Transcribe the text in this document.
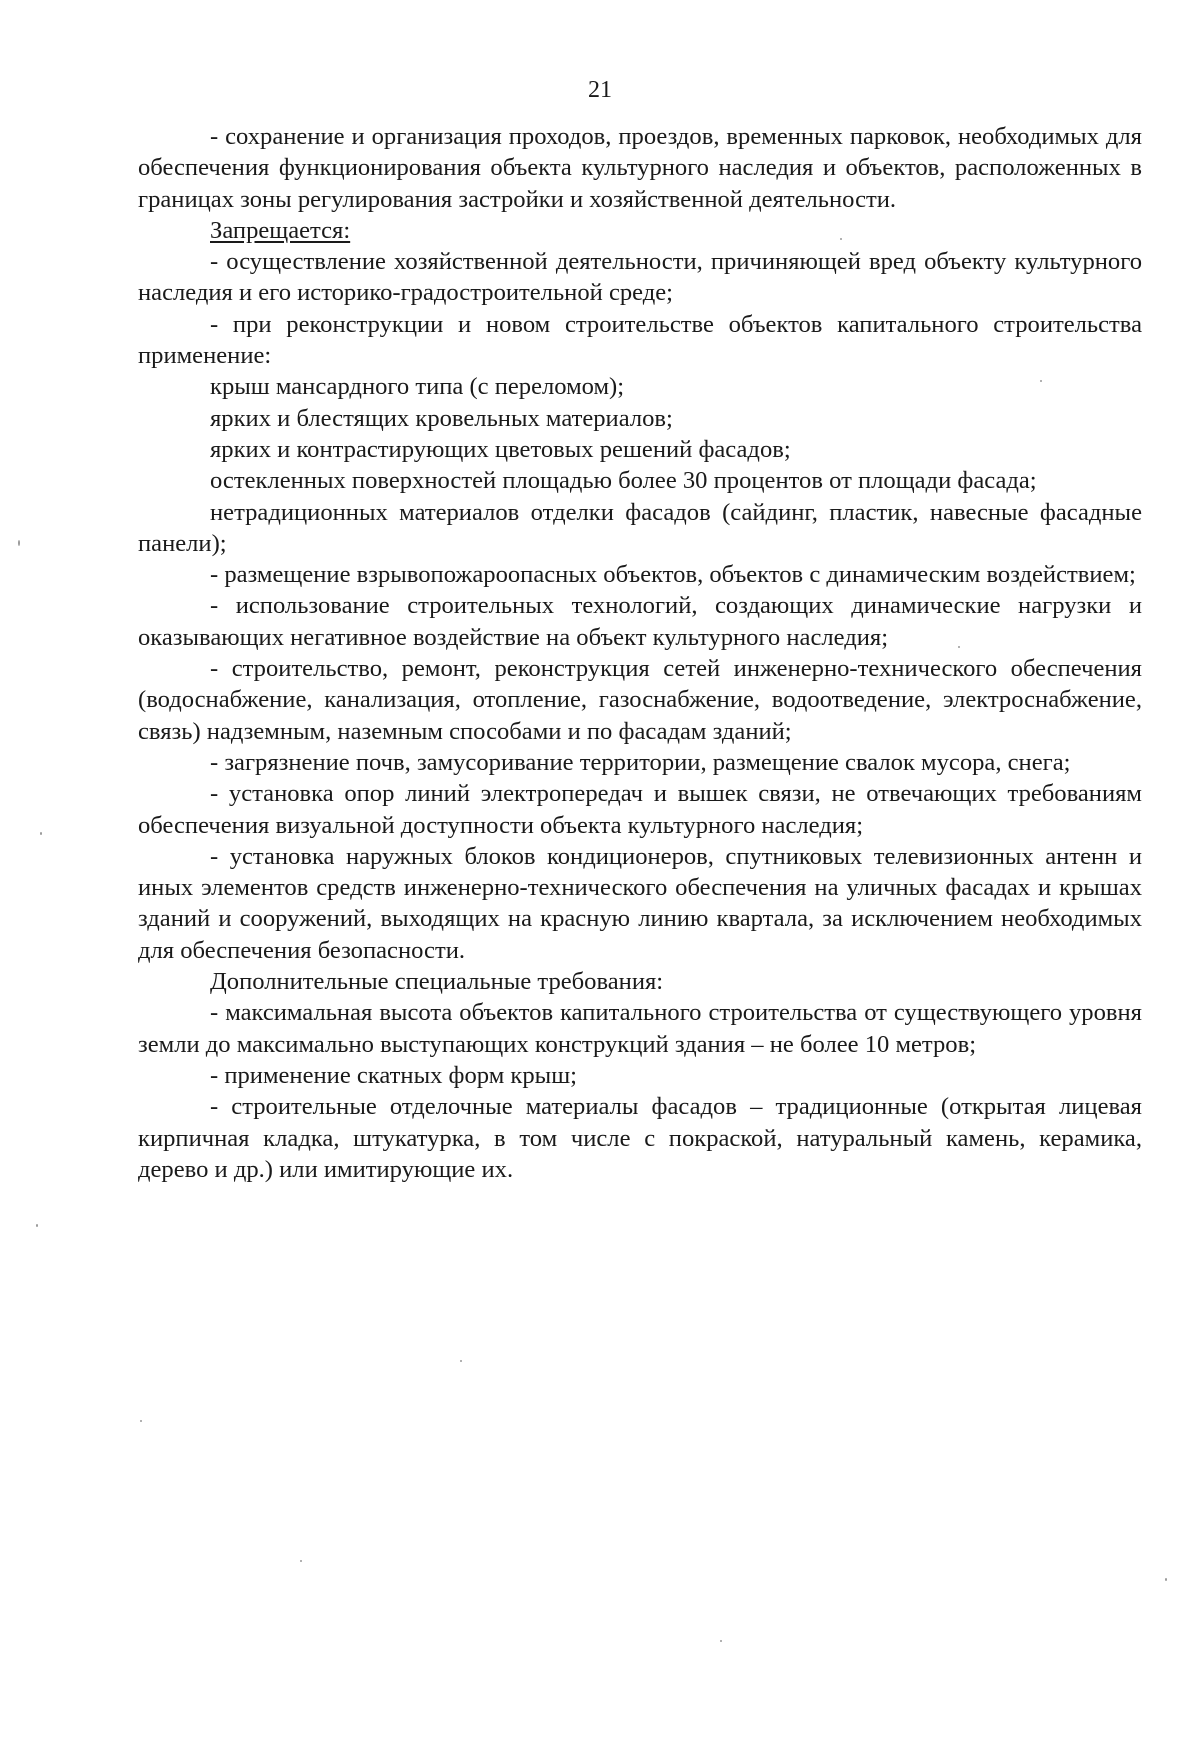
21

- сохранение и организация проходов, проездов, временных парковок, необходимых для обеспечения функционирования объекта культурного наследия и объектов, расположенных в границах зоны регулирования застройки и хозяйственной деятельности.

Запрещается:

- осуществление хозяйственной деятельности, причиняющей вред объекту культурного наследия и его историко-градостроительной среде;

- при реконструкции и новом строительстве объектов капитального строительства применение:

крыш мансардного типа (с переломом);

ярких и блестящих кровельных материалов;

ярких и контрастирующих цветовых решений фасадов;

остекленных поверхностей площадью более 30 процентов от площади фасада;

нетрадиционных материалов отделки фасадов (сайдинг, пластик, навесные фасадные панели);

- размещение взрывопожароопасных объектов, объектов с динамическим воздействием;

- использование строительных технологий, создающих динамические нагрузки и оказывающих негативное воздействие на объект культурного наследия;

- строительство, ремонт, реконструкция сетей инженерно-технического обеспечения (водоснабжение, канализация, отопление, газоснабжение, водоотведение, электроснабжение, связь) надземным, наземным способами и по фасадам зданий;

- загрязнение почв, замусоривание территории, размещение свалок мусора, снега;

- установка опор линий электропередач и вышек связи, не отвечающих требованиям обеспечения визуальной доступности объекта культурного наследия;

- установка наружных блоков кондиционеров, спутниковых телевизионных антенн и иных элементов средств инженерно-технического обеспечения на уличных фасадах и крышах зданий и сооружений, выходящих на красную линию квартала, за исключением необходимых для обеспечения безопасности.

Дополнительные специальные требования:

- максимальная высота объектов капитального строительства от существующего уровня земли до максимально выступающих конструкций здания – не более 10 метров;

- применение скатных форм крыш;

- строительные отделочные материалы фасадов – традиционные (открытая лицевая кирпичная кладка, штукатурка, в том числе с покраской, натуральный камень, керамика, дерево и др.) или имитирующие их.
